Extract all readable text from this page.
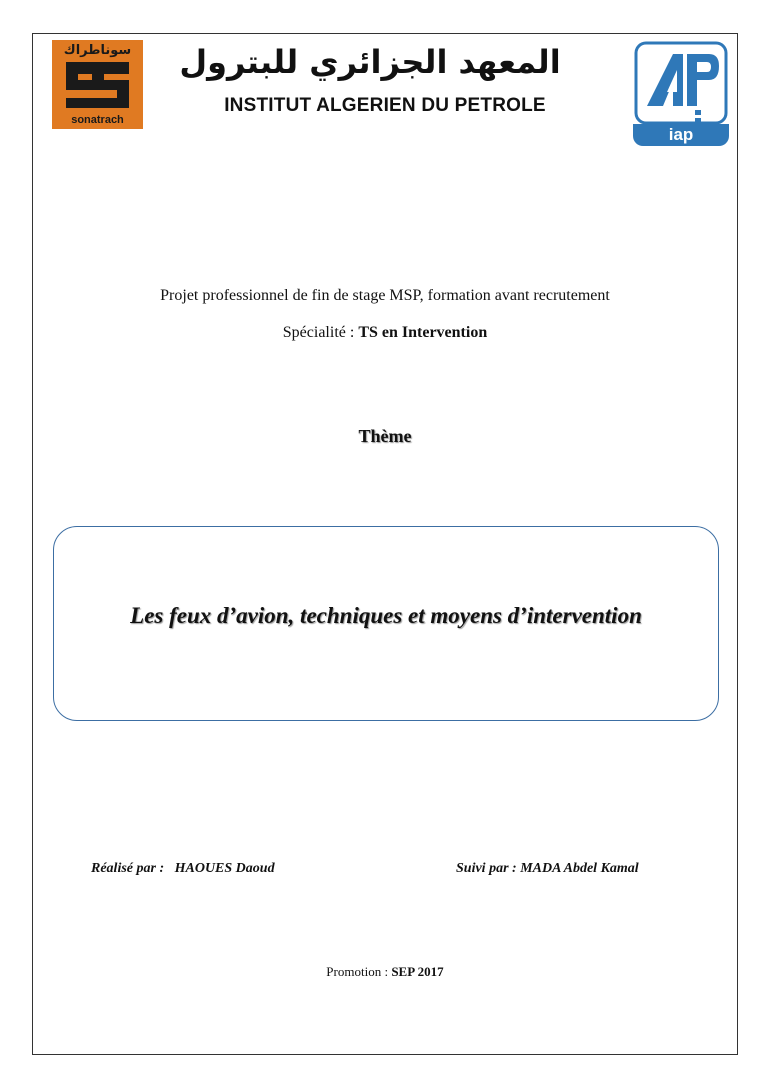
سوناطراك
sonatrach
المعهد الجزائري للبترول
INSTITUT ALGERIEN DU PETROLE
iap
Projet professionnel de fin de stage MSP, formation avant recrutement
Spécialité : TS en Intervention
Thème
Les feux d’avion, techniques et moyens d’intervention
Réalisé par :   HAOUES Daoud	Suivi par : MADA Abdel Kamal
Promotion : SEP 2017
